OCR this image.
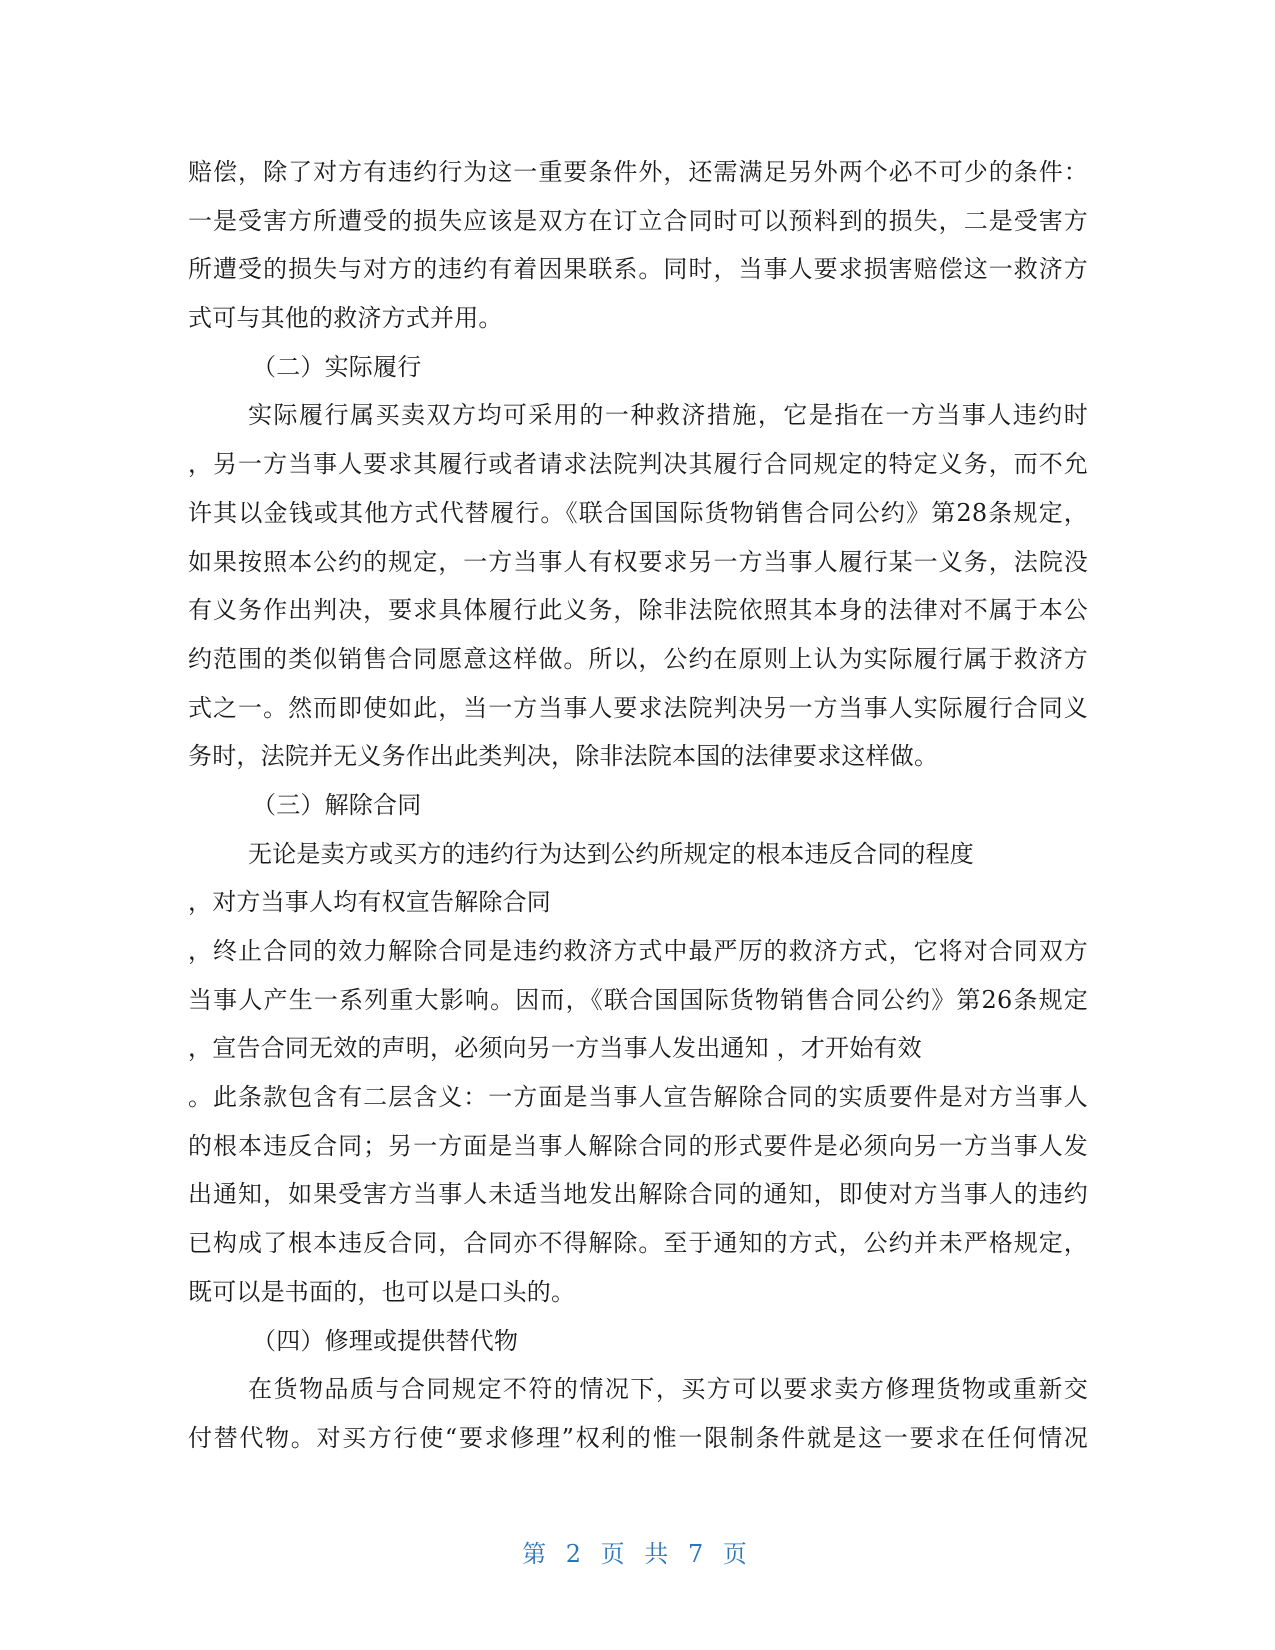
赔偿，除了对方有违约行为这一重要条件外，还需满足另外两个必不可少的条件：
一是受害方所遭受的损失应该是双方在订立合同时可以预料到的损失，二是受害方
所遭受的损失与对方的违约有着因果联系。同时，当事人要求损害赔偿这一救济方
式可与其他的救济方式并用。
（二）实际履行
实际履行属买卖双方均可采用的一种救济措施，它是指在一方当事人违约时
，另一方当事人要求其履行或者请求法院判决其履行合同规定的特定义务，而不允
许其以金钱或其他方式代替履行。《联合国国际货物销售合同公约》第28条规定，
如果按照本公约的规定，一方当事人有权要求另一方当事人履行某一义务，法院没
有义务作出判决，要求具体履行此义务，除非法院依照其本身的法律对不属于本公
约范围的类似销售合同愿意这样做。所以，公约在原则上认为实际履行属于救济方
式之一。然而即使如此，当一方当事人要求法院判决另一方当事人实际履行合同义
务时，法院并无义务作出此类判决，除非法院本国的法律要求这样做。
（三）解除合同
无论是卖方或买方的违约行为达到公约所规定的根本违反合同的程度
，对方当事人均有权宣告解除合同
，终止合同的效力解除合同是违约救济方式中最严厉的救济方式，它将对合同双方
当事人产生一系列重大影响。因而，《联合国国际货物销售合同公约》第26条规定
，宣告合同无效的声明，必须向另一方当事人发出通知 ，才开始有效
。此条款包含有二层含义：一方面是当事人宣告解除合同的实质要件是对方当事人
的根本违反合同；另一方面是当事人解除合同的形式要件是必须向另一方当事人发
出通知，如果受害方当事人未适当地发出解除合同的通知，即使对方当事人的违约
已构成了根本违反合同，合同亦不得解除。至于通知的方式，公约并未严格规定，
既可以是书面的，也可以是口头的。
（四）修理或提供替代物
在货物品质与合同规定不符的情况下，买方可以要求卖方修理货物或重新交
付替代物。对买方行使“要求修理”权利的惟一限制条件就是这一要求在任何情况
第 2 页 共 7 页
